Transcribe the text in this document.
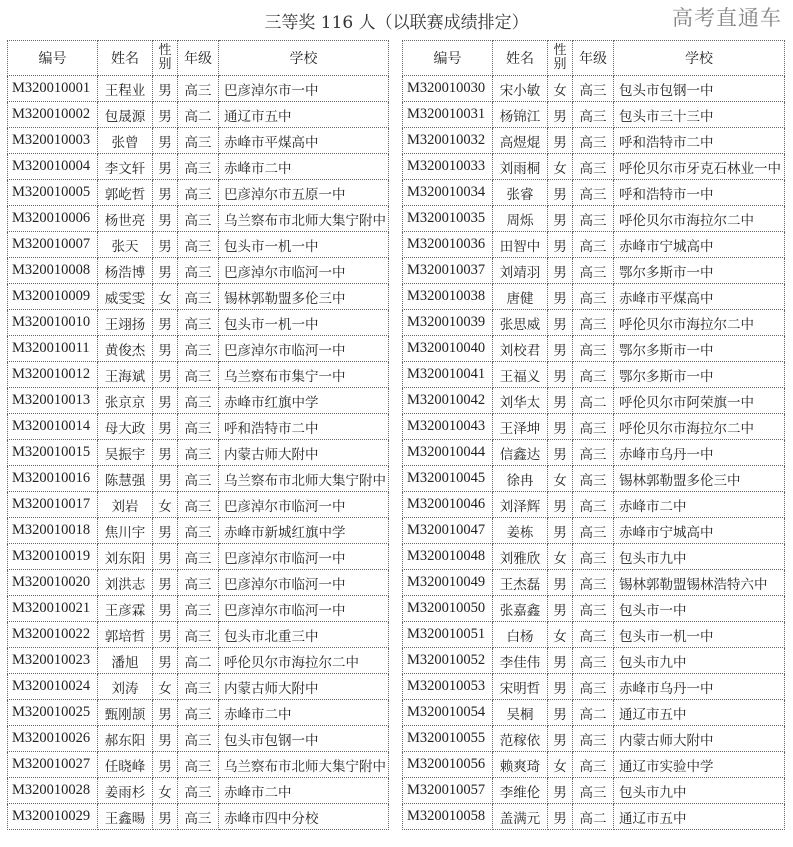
三等奖 116 人（以联赛成绩排定）
编号	姓名	性别	年级	学校
M320010001	王程业	男	高三	巴彦淖尔市一中
M320010002	包晟源	男	高二	通辽市五中
M320010003	张曾	男	高三	赤峰市平煤高中
M320010004	李文轩	男	高三	赤峰市二中
M320010005	郭屹哲	男	高三	巴彦淖尔市五原一中
M320010006	杨世亮	男	高三	乌兰察布市北师大集宁附中
M320010007	张天	男	高三	包头市一机一中
M320010008	杨浩博	男	高三	巴彦淖尔市临河一中
M320010009	威雯雯	女	高三	锡林郭勒盟多伦三中
M320010010	王翊扬	男	高三	包头市一机一中
M320010011	黄俊杰	男	高三	巴彦淖尔市临河一中
M320010012	王海斌	男	高三	乌兰察布市集宁一中
M320010013	张京京	男	高三	赤峰市红旗中学
M320010014	母大政	男	高三	呼和浩特市二中
M320010015	吴振宇	男	高三	内蒙古师大附中
M320010016	陈慧强	男	高三	乌兰察布市北师大集宁附中
M320010017	刘岩	女	高三	巴彦淖尔市临河一中
M320010018	焦川宇	男	高三	赤峰市新城红旗中学
M320010019	刘东阳	男	高三	巴彦淖尔市临河一中
M320010020	刘洪志	男	高三	巴彦淖尔市临河一中
M320010021	王彦霖	男	高三	巴彦淖尔市临河一中
M320010022	郭培哲	男	高三	包头市北重三中
M320010023	潘旭	男	高二	呼伦贝尔市海拉尔二中
M320010024	刘涛	女	高三	内蒙古师大附中
M320010025	甄刚颉	男	高三	赤峰市二中
M320010026	郝东阳	男	高三	包头市包钢一中
M320010027	任晓峰	男	高三	乌兰察布市北师大集宁附中
M320010028	姜雨杉	女	高三	赤峰市二中
M320010029	王鑫暘	男	高三	赤峰市四中分校
编号	姓名	性别	年级	学校
M320010030	宋小敏	女	高三	包头市包钢一中
M320010031	杨锦江	男	高三	包头市三十三中
M320010032	高煜焜	男	高三	呼和浩特市二中
M320010033	刘雨桐	女	高三	呼伦贝尔市牙克石林业一中
M320010034	张睿	男	高三	呼和浩特市一中
M320010035	周烁	男	高三	呼伦贝尔市海拉尔二中
M320010036	田智中	男	高三	赤峰市宁城高中
M320010037	刘靖羽	男	高三	鄂尔多斯市一中
M320010038	唐健	男	高三	赤峰市平煤高中
M320010039	张思威	男	高三	呼伦贝尔市海拉尔二中
M320010040	刘校君	男	高三	鄂尔多斯市一中
M320010041	王福义	男	高三	鄂尔多斯市一中
M320010042	刘华太	男	高二	呼伦贝尔市阿荣旗一中
M320010043	王泽坤	男	高三	呼伦贝尔市海拉尔二中
M320010044	信鑫达	男	高三	赤峰市乌丹一中
M320010045	徐冉	女	高三	锡林郭勒盟多伦三中
M320010046	刘泽辉	男	高三	赤峰市二中
M320010047	姜栋	男	高三	赤峰市宁城高中
M320010048	刘雅欣	女	高三	包头市九中
M320010049	王杰磊	男	高三	锡林郭勒盟锡林浩特六中
M320010050	张嘉鑫	男	高三	包头市一中
M320010051	白杨	女	高三	包头市一机一中
M320010052	李佳伟	男	高三	包头市九中
M320010053	宋明哲	男	高三	赤峰市乌丹一中
M320010054	吴桐	男	高二	通辽市五中
M320010055	范稼依	男	高三	内蒙古师大附中
M320010056	赖爽琦	女	高三	通辽市实验中学
M320010057	李维伦	男	高三	包头市九中
M320010058	盖满元	男	高二	通辽市五中
高考直通车
